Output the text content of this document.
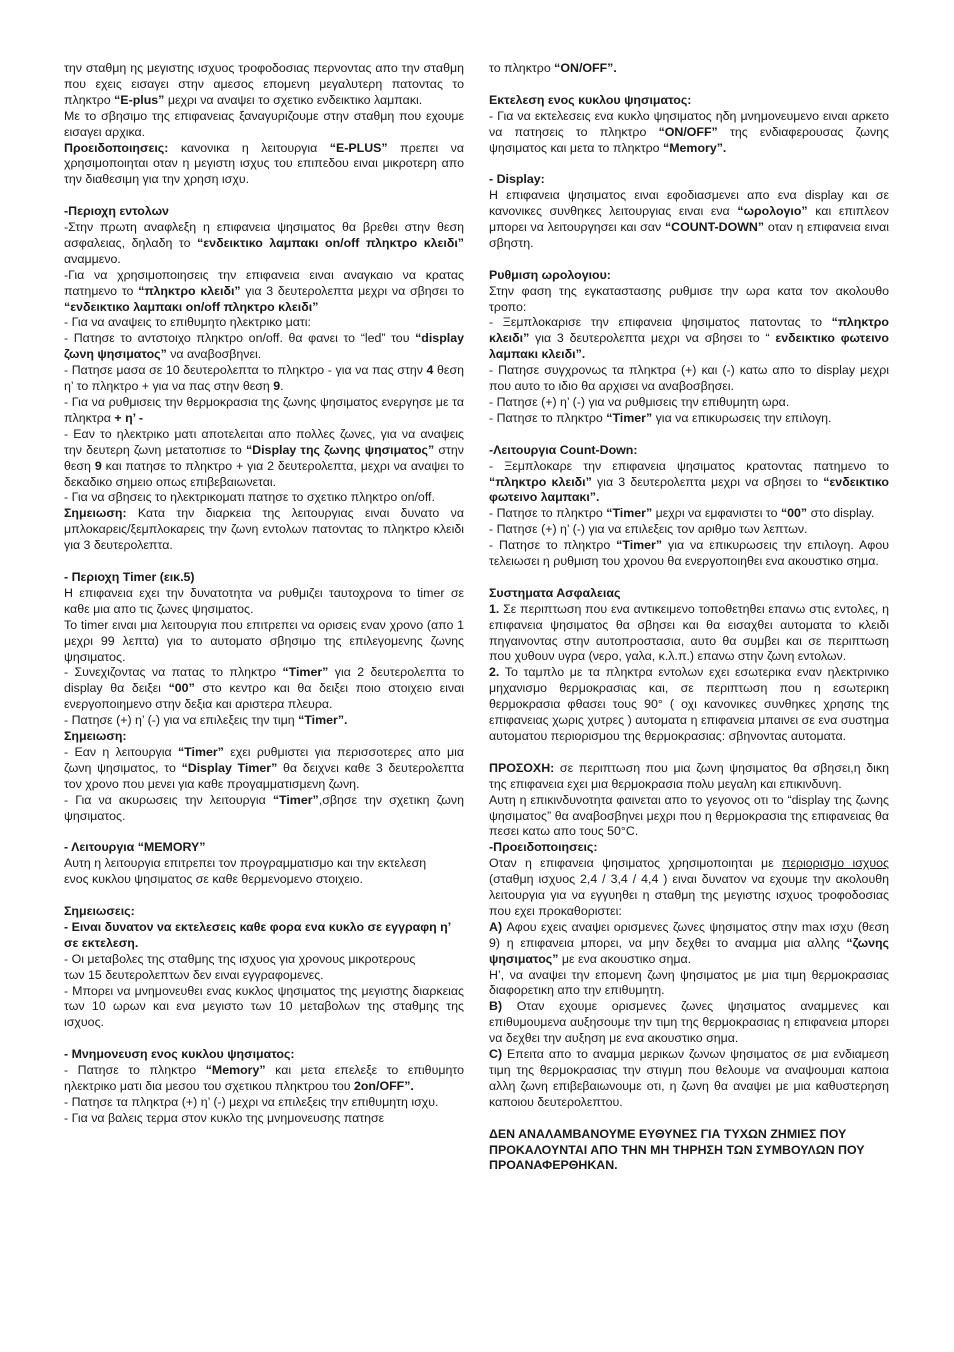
την σταθμη ης μεγιστης ισχυος τροφοδοσιας περνοντας απο την σταθμη που εχεις εισαγει στην αμεσος επομενη μεγαλυτερη πατοντας το πληκτρο “E-plus” μεχρι να αναψει το σχετικο ενδεικτικο λαμπακι.
Με το σβησιμο της επιφανειας ξαναγυριζουμε στην σταθμη που εχουμε εισαγει αρχικα.
Προειδοποιησεις: κανονικα η λειτουργια “E-PLUS” πρεπει να χρησιμοποιηται οταν η μεγιστη ισχυς του επιπεδου ειναι μικροτερη απο την διαθεσιμη για την χρηση ισχυ.
-Περιοχη εντολων
-Στην πρωτη αναφλεξη η επιφανεια ψησιματος θα βρεθει στην θεση ασφαλειας, δηλαδη το “ενδεικτικο λαμπακι on/off πληκτρο κλειδι” αναμμενο.
-Για να χρησιμοποιησεις την επιφανεια ειναι αναγκαιο να κρατας πατημενο το “πληκτρο κλειδι” για 3 δευτερολεπτα μεχρι να σβησει το “ενδεικτικο λαμπακι on/off πληκτρο κλειδι”
- Για να αναψεις το επιθυμητο ηλεκτρικο ματι:
- Πατησε το αντστοιχο πληκτρο on/off. θα φανει το “led” του “display ζωνη ψησιματος” να αναβοσβηνει.
- Πατησε μασα σε 10 δευτερολεπτα το πληκτρο - για να πας στην 4 θεση η’ το πληκτρο + για να πας στην θεση 9.
- Για να ρυθμισεις την θερμοκρασια της ζωνης ψησιματος ενεργησε με τα πληκτρα + η’ -
- Εαν το ηλεκτρικο ματι αποτελειται απο πολλες ζωνες, για να αναψεις την δευτερη ζωνη μετατοπισε το “Display της ζωνης ψησιματος” στην θεση 9 και πατησε το πληκτρο + για 2 δευτερολεπτα, μεχρι να αναψει το δεκαδικο σημειο οπως επιβεβαιωνεται.
- Για να σβησεις το ηλεκτρικοματι πατησε το σχετικο πληκτρο on/off.
Σημειωση: Κατα την διαρκεια της λειτουργιας ειναι δυνατο να μπλοκαρεις/ξεμπλοκαρεις την ζωνη εντολων πατοντας το πληκτρο κλειδι για 3 δευτερολεπτα.
- Περιοχη Timer (εικ.5)
Η επιφανεια εχει την δυνατοτητα να ρυθμιζει ταυτοχρονα το timer σε καθε μια απο τις ζωνες ψησιματος.
Το timer ειναι μια λειτουργια που επιτρεπει να ορισεις εναν χρονο (απο 1 μεχρι 99 λεπτα) για το αυτοματο σβησιμο της επιλεγομενης ζωνης ψησιματος.
- Συνεχιζοντας να πατας το πληκτρο “Timer” για 2 δευτερολεπτα το display θα δειξει “00” στο κεντρο και θα δειξει ποιο στοιχειο ειναι ενεργοποιημενο στην δεξια και αριστερα πλευρα.
- Πατησε (+) η’ (-) για να επιλεξεις την τιμη “Timer”.
Σημειωση:
- Εαν η λειτουργια “Timer” εχει ρυθμιστει για περισσοτερες απο μια ζωνη ψησιματος, το “Display Timer” θα δειχνει καθε 3 δευτερολεπτα τον χρονο που μενει για καθε προγαμματισμενη ζωνη.
- Για να ακυρωσεις την λειτουργια “Timer”,σβησε την σχετικη ζωνη ψησιματος.
- Λειτουργια “MEMORY”
Αυτη η λειτουργια επιτρεπει τον προγραμματισμο και την εκτελεση
ενος κυκλου ψησιματος σε καθε θερμενομενο στοιχειο.
Σημειωσεις:
- Ειναι δυνατον να εκτελεσεις καθε φορα ενα κυκλο σε εγγραφη η’ σε εκτελεση.
- Οι μεταβολες της σταθμης της ισχυος για χρονους μικροτερους
των 15 δευτερολεπτων δεν ειναι εγγραφομενες.
- Μπορει να μνημονευθει ενας κυκλος ψησιματος της μεγιστης διαρκειας των 10 ωρων και ενα μεγιστο των 10 μεταβολων της σταθμης της ισχυος.
- Μνημονευση ενος κυκλου ψησιματος:
- Πατησε το πληκτρο “Memory” και μετα επελεξε το επιθυμητο ηλεκτρικο ματι δια μεσου του σχετικου πληκτρου του 2on/OFF”.
- Πατησε τα πληκτρα (+) η’ (-) μεχρι να επιλεξεις την επιθυμητη ισχυ.
- Για να βαλεις τερμα στον κυκλο της μνημονευσης πατησε
το πληκτρο “ON/OFF”.
Εκτελεση ενος κυκλου ψησιματος:
- Για να εκτελεσεις ενα κυκλο ψησιματος ηδη μνημονευμενο ειναι αρκετο να πατησεις το πληκτρο “ON/OFF” της ενδιαφερουσας ζωνης ψησιματος και μετα το πληκτρο “Memory”.
- Display:
Η επιφανεια ψησιματος ειναι εφοδιασμενει απο ενα display και σε κανονικες συνθηκες λειτουργιας ειναι ενα “ωρολογιο” και επιπλεον μπορει να λειτουργησει και σαν “COUNT-DOWN” οταν η επιφανεια ειναι σβηστη.
Ρυθμιση ωρολογιου:
Στην φαση της εγκαταστασης ρυθμισε την ωρα κατα τον ακολουθο τροπο:
- Ξεμπλοκαρισε την επιφανεια ψησιματος πατοντας το “πληκτρο κλειδι” για 3 δευτερολεπτα μεχρι να σβησει το “ ενδεικτικο φωτεινο λαμπακι κλειδι”.
- Πατησε συγχρονως τα πληκτρα (+) και (-) κατω απο το display μεχρι που αυτο το ιδιο θα αρχισει να αναβοσβησει.
- Πατησε (+) η’ (-) για να ρυθμισεις την επιθυμητη ωρα.
- Πατησε το πληκτρο “Timer” για να επικυρωσεις την επιλογη.
-Λειτουργια Count-Down:
- Ξεμπλοκαρε την επιφανεια ψησιματος κρατοντας πατημενο το “πληκτρο κλειδι” για 3 δευτερολεπτα μεχρι να σβησει το “ενδεικτικο φωτεινο λαμπακι”.
- Πατησε το πληκτρο “Timer” μεχρι να εμφανιστει το “00” στο display.
- Πατησε (+) η’ (-) για να επιλεξεις τον αριθμο των λεπτων.
- Πατησε το πληκτρο “Timer” για να επικυρωσεις την επιλογη. Αφου τελειωσει η ρυθμιση του χρονου θα ενεργοποιηθει ενα ακουστικο σημα.
Συστηματα Ασφαλειας
1. Σε περιπτωση που ενα αντικειμενο τοποθετηθει επανω στις εντολες, η επιφανεια ψησιματος θα σβησει και θα εισαχθει αυτοματα το κλειδι πηγαινοντας στην αυτοπροστασια, αυτο θα συμβει και σε περιπτωση που χυθουν υγρα (νερο, γαλα, κ.λ.π.) επανω στην ζωνη εντολων.
2. Το ταμπλο με τα πληκτρα εντολων εχει εσωτερικα εναν ηλεκτρινικο μηχανισμο θερμοκρασιας και, σε περιπτωση που η εσωτερικη θερμοκρασια φθασει τους 90° ( οχι κανονικες συνθηκες χρησης της επιφανειας χωρις χυτρες ) αυτοματα η επιφανεια μπαινει σε ενα συστημα αυτοματου περιορισμου της θερμοκρασιας: σβηνοντας αυτοματα.
ΠΡΟΣΟΧΗ: σε περιπτωση που μια ζωνη ψησιματος θα σβησει,η δικη της επιφανεια εχει μια θερμοκρασια πολυ μεγαλη και επικινδυνη.
Αυτη η επικινδυνοτητα φαινεται απο το γεγονος οτι το “display της ζωνης ψησιματος” θα αναβοσβηνει μεχρι που η θερμοκρασια της επιφανειας θα πεσει κατω απο τους 50°C.
-Προειδοποιησεις:
Οταν η επιφανεια ψησιματος χρησιμοποιηται με περιορισμο ισχυος (σταθμη ισχυος 2,4 / 3,4 / 4,4 ) ειναι δυνατον να εχουμε την ακολουθη λειτουργια για να εγγυηθει η σταθμη της μεγιστης ισχυος τροφοδοσιας που εχει προκαθοριστει:
A) Αφου εχεις αναψει ορισμενες ζωνες ψησιματος στην max ισχυ (θεση 9) η επιφανεια μπορει, να μην δεχθει το αναμμα μια αλλης “ζωνης ψησιματος” με ενα ακουστικο σημα.
Η’, να αναψει την επομενη ζωνη ψησιματος με μια τιμη θερμοκρασιας διαφορετικη απο την επιθυμητη.
B) Οταν εχουμε ορισμενες ζωνες ψησιματος αναμμενες και επιθυμουμενα αυξησουμε την τιμη της θερμοκρασιας η επιφανεια μπορει να δεχθει την αυξηση με ενα ακουστικο σημα.
C) Επειτα απο το αναμμα μερικων ζωνων ψησιματος σε μια ενδιαμεση τιμη της θερμοκρασιας την στιγμη που θελουμε να αναψουμαι καποια αλλη ζωνη επιβεβαιωνουμε οτι, η ζωνη θα αναψει με μια καθυστερηση καποιου δευτερολεπτου.
ΔΕΝ ΑΝΑΛΑΜΒΑΝΟΥΜΕ ΕΥΘΥΝΕΣ ΓΙΑ ΤΥΧΩΝ ΖΗΜΙΕΣ ΠΟΥ ΠΡΟΚΑΛΟΥΝΤΑΙ ΑΠΟ ΤΗΝ ΜΗ ΤΗΡΗΣΗ ΤΩΝ ΣΥΜΒΟΥΛΩΝ ΠΟΥ ΠΡΟΑΝΑΦΕΡΘΗΚΑΝ.
